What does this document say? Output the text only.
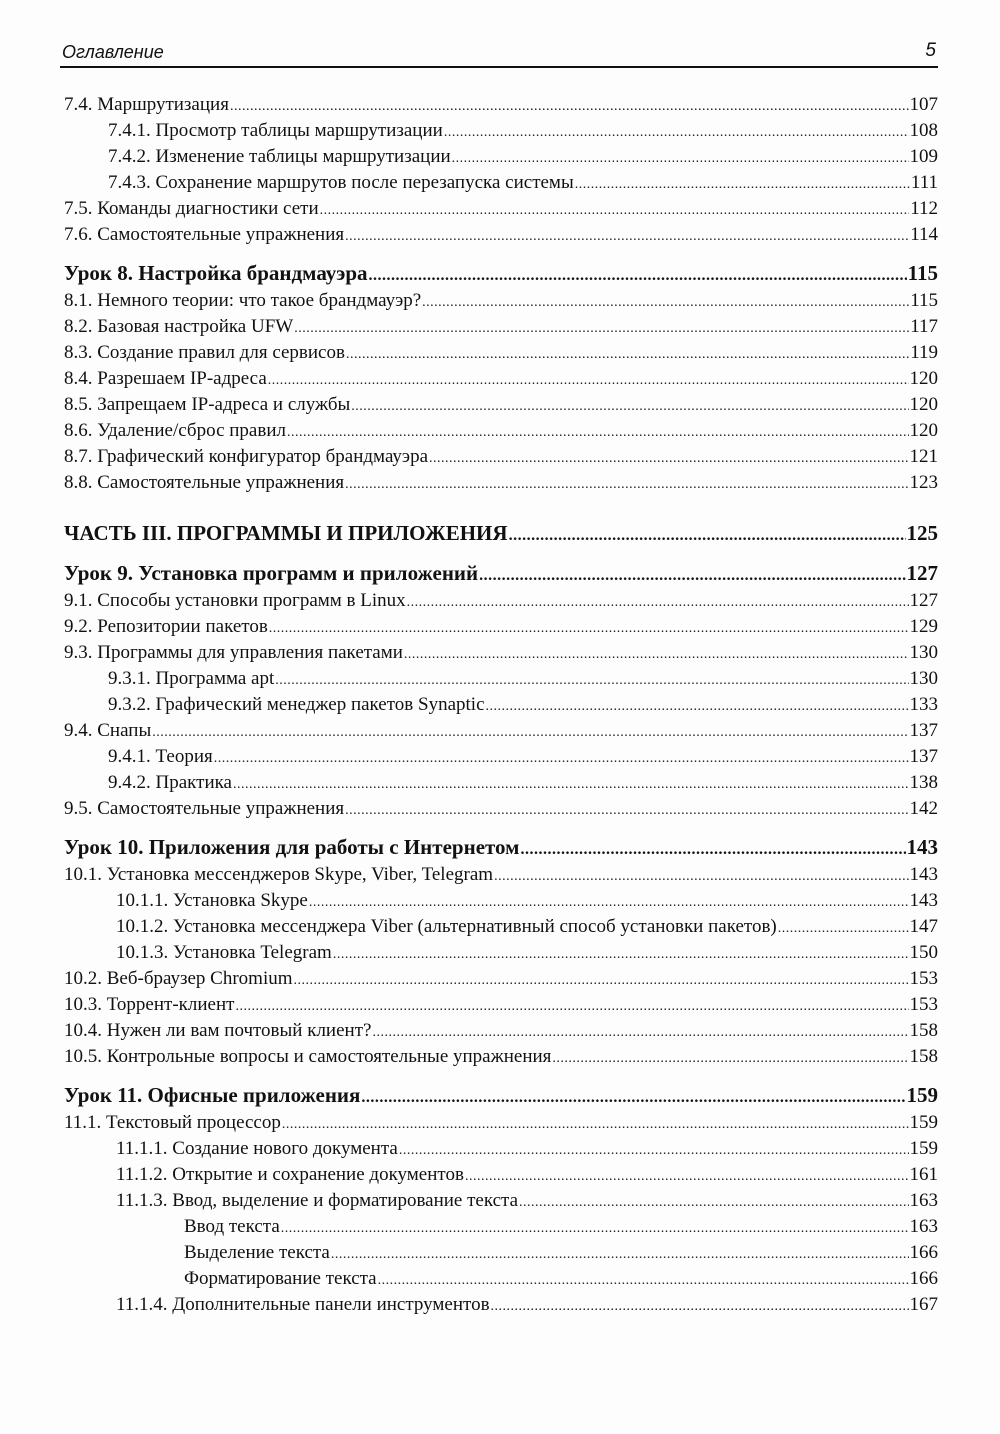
Оглавление	5
7.4. Маршрутизация .....	107
7.4.1. Просмотр таблицы маршрутизации .....	108
7.4.2. Изменение таблицы маршрутизации .....	109
7.4.3. Сохранение маршрутов после перезапуска системы .....	111
7.5. Команды диагностики сети .....	112
7.6. Самостоятельные упражнения .....	114
Урок 8. Настройка брандмауэра .....	115
8.1. Немного теории: что такое брандмауэр? .....	115
8.2. Базовая настройка UFW .....	117
8.3. Создание правил для сервисов .....	119
8.4. Разрешаем IP-адреса .....	120
8.5. Запрещаем IP-адреса и службы .....	120
8.6. Удаление/сброс правил .....	120
8.7. Графический конфигуратор брандмауэра .....	121
8.8. Самостоятельные упражнения .....	123
ЧАСТЬ III. ПРОГРАММЫ И ПРИЛОЖЕНИЯ .....	125
Урок 9. Установка программ и приложений .....	127
9.1. Способы установки программ в Linux .....	127
9.2. Репозитории пакетов .....	129
9.3. Программы для управления пакетами .....	130
9.3.1. Программа apt .....	130
9.3.2. Графический менеджер пакетов Synaptic .....	133
9.4. Снапы .....	137
9.4.1. Теория .....	137
9.4.2. Практика .....	138
9.5. Самостоятельные упражнения .....	142
Урок 10. Приложения для работы с Интернетом .....	143
10.1. Установка мессенджеров Skype, Viber, Telegram .....	143
10.1.1. Установка Skype .....	143
10.1.2. Установка мессенджера Viber (альтернативный способ установки пакетов) .....	147
10.1.3. Установка Telegram .....	150
10.2. Веб-браузер Chromium .....	153
10.3. Торрент-клиент .....	153
10.4. Нужен ли вам почтовый клиент? .....	158
10.5. Контрольные вопросы и самостоятельные упражнения .....	158
Урок 11. Офисные приложения .....	159
11.1. Текстовый процессор .....	159
11.1.1. Создание нового документа .....	159
11.1.2. Открытие и сохранение документов .....	161
11.1.3. Ввод, выделение и форматирование текста .....	163
Ввод текста .....	163
Выделение текста .....	166
Форматирование текста .....	166
11.1.4. Дополнительные панели инструментов .....	167
